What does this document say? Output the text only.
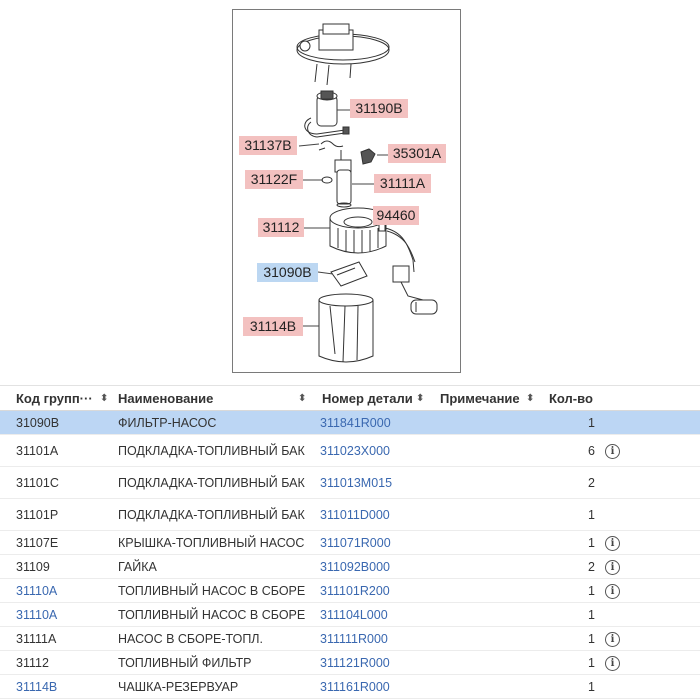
31190B
31137B	35301A
31122F	31111A
31112
94460
31090B
31114B
Код групп··· ⬍ Наименование	⬍ Номер детали ⬍ Примечание ⬍ Кол-во
31090B	ФИЛЬТР-НАСОС	311841R000	1
31101A	ПОДКЛАДКА-ТОПЛИВНЫЙ БАК	311023X000	6	i
31101C	ПОДКЛАДКА-ТОПЛИВНЫЙ БАК	311013M015	2
31101P	ПОДКЛАДКА-ТОПЛИВНЫЙ БАК	311011D000	1
31107E	КРЫШКА-ТОПЛИВНЫЙ НАСОС	311071R000	1	i
31109	ГАЙКА	311092B000	2	i
31110A	ТОПЛИВНЫЙ НАСОС В СБОРЕ	311101R200	1	i
31110A	ТОПЛИВНЫЙ НАСОС В СБОРЕ	311104L000	1
31111A	НАСОС В СБОРЕ-ТОПЛ.	311111R000	1	i
31112	ТОПЛИВНЫЙ ФИЛЬТР	311121R000	1	i
31114B	ЧАШКА-РЕЗЕРВУАР	311161R000	1
